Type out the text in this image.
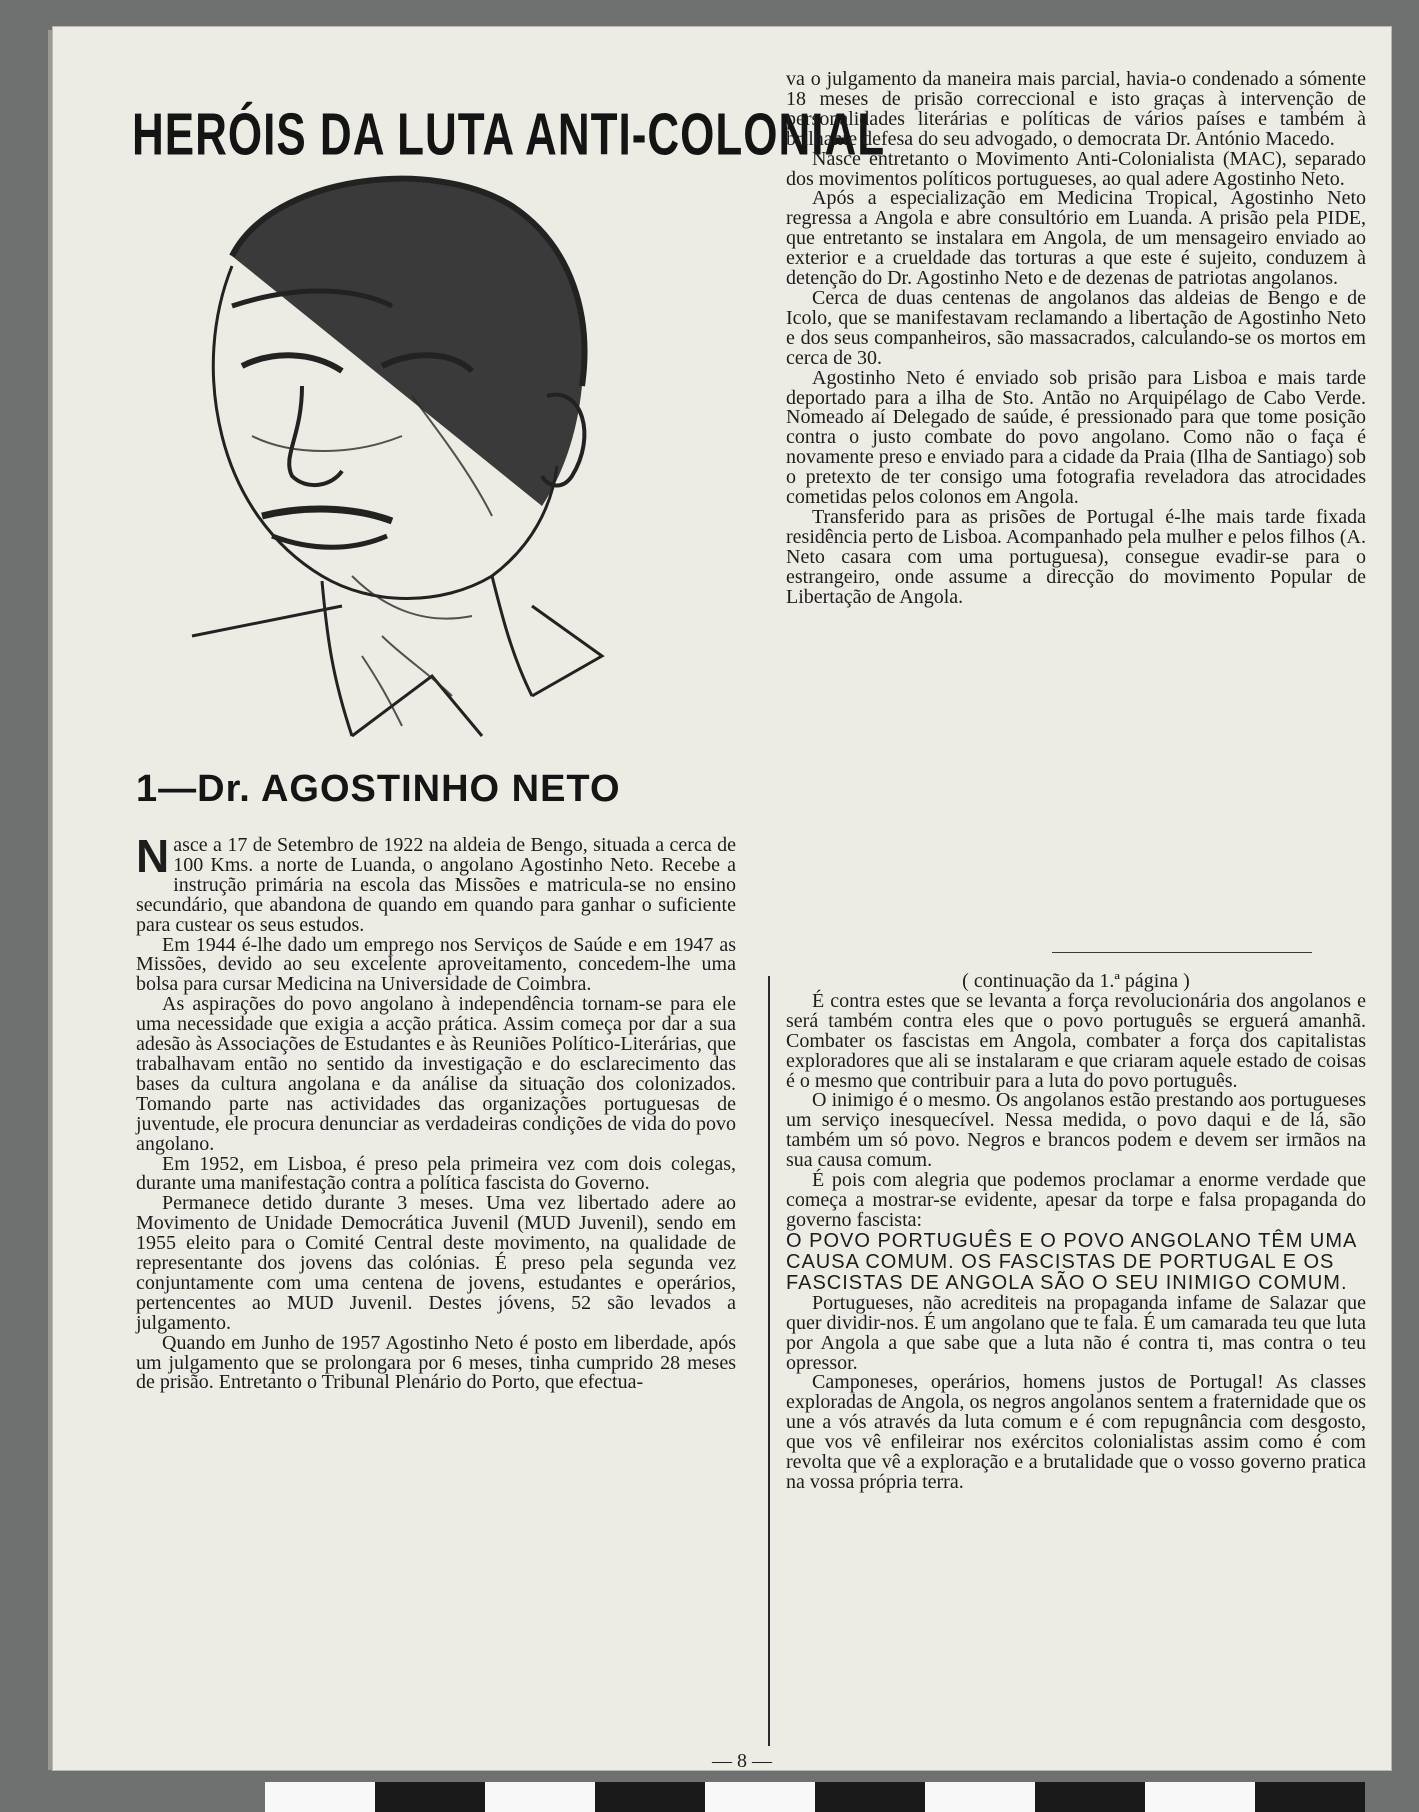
HERÓIS DA LUTA ANTI-COLONIAL
1—Dr. AGOSTINHO NETO

Nasce a 17 de Setembro de 1922 na aldeia de Bengo, situada a cerca de 100 Kms. a norte de Luanda, o angolano Agostinho Neto. Recebe a instrução primária na escola das Missões e matricula-se no ensino secundário, que abandona de quando em quando para ganhar o suficiente para custear os seus estudos.

Em 1944 é-lhe dado um emprego nos Serviços de Saúde e em 1947 as Missões, devido ao seu excelente aproveitamento, concedem-lhe uma bolsa para cursar Medicina na Universidade de Coimbra.

As aspirações do povo angolano à independência tornam-se para ele uma necessidade que exigia a acção prática. Assim começa por dar a sua adesão às Associações de Estudantes e às Reuniões Político-Literárias, que trabalhavam então no sentido da investigação e do esclarecimento das bases da cultura angolana e da análise da situação dos colonizados. Tomando parte nas actividades das organizações portuguesas de juventude, ele procura denunciar as verdadeiras condições de vida do povo angolano.

Em 1952, em Lisboa, é preso pela primeira vez com dois colegas, durante uma manifestação contra a política fascista do Governo.

Permanece detido durante 3 meses. Uma vez libertado adere ao Movimento de Unidade Democrática Juvenil (MUD Juvenil), sendo em 1955 eleito para o Comité Central deste movimento, na qualidade de representante dos jovens das colónias. É preso pela segunda vez conjuntamente com uma centena de jovens, estudantes e operários, pertencentes ao MUD Juvenil. Destes jóvens, 52 são levados a julgamento.

Quando em Junho de 1957 Agostinho Neto é posto em liberdade, após um julgamento que se prolongara por 6 meses, tinha cumprido 28 meses de prisão. Entretanto o Tribunal Plenário do Porto, que efectua-

va o julgamento da maneira mais parcial, havia-o condenado a sómente 18 meses de prisão correccional e isto graças à intervenção de personalidades literárias e políticas de vários países e também à brilhante defesa do seu advogado, o democrata Dr. António Macedo.

Nasce entretanto o Movimento Anti-Colonialista (MAC), separado dos movimentos políticos portugueses, ao qual adere Agostinho Neto.

Após a especialização em Medicina Tropical, Agostinho Neto regressa a Angola e abre consultório em Luanda. A prisão pela PIDE, que entretanto se instalara em Angola, de um mensageiro enviado ao exterior e a crueldade das torturas a que este é sujeito, conduzem à detenção do Dr. Agostinho Neto e de dezenas de patriotas angolanos.

Cerca de duas centenas de angolanos das aldeias de Bengo e de Icolo, que se manifestavam reclamando a libertação de Agostinho Neto e dos seus companheiros, são massacrados, calculando-se os mortos em cerca de 30.

Agostinho Neto é enviado sob prisão para Lisboa e mais tarde deportado para a ilha de Sto. Antão no Arquipélago de Cabo Verde. Nomeado aí Delegado de saúde, é pressionado para que tome posição contra o justo combate do povo angolano. Como não o faça é novamente preso e enviado para a cidade da Praia (Ilha de Santiago) sob o pretexto de ter consigo uma fotografia reveladora das atrocidades cometidas pelos colonos em Angola.

Transferido para as prisões de Portugal é-lhe mais tarde fixada residência perto de Lisboa. Acompanhado pela mulher e pelos filhos (A. Neto casara com uma portuguesa), consegue evadir-se para o estrangeiro, onde assume a direcção do movimento Popular de Libertação de Angola.

( continuação da 1.ª página )

É contra estes que se levanta a força revolucionária dos angolanos e será também contra eles que o povo português se erguerá amanhã. Combater os fascistas em Angola, combater a força dos capitalistas exploradores que ali se instalaram e que criaram aquele estado de coisas é o mesmo que contribuir para a luta do povo português.

O inimigo é o mesmo. Os angolanos estão prestando aos portugueses um serviço inesquecível. Nessa medida, o povo daqui e de lá, são também um só povo. Negros e brancos podem e devem ser irmãos na sua causa comum.

É pois com alegria que podemos proclamar a enorme verdade que começa a mostrar-se evidente, apesar da torpe e falsa propaganda do governo fascista:

O POVO PORTUGUÊS E O POVO ANGOLANO TÊM UMA CAUSA COMUM. OS FASCISTAS DE PORTUGAL E OS FASCISTAS DE ANGOLA SÃO O SEU INIMIGO COMUM.

Portugueses, não acrediteis na propaganda infame de Salazar que quer dividir-nos. É um angolano que te fala. É um camarada teu que luta por Angola a que sabe que a luta não é contra ti, mas contra o teu opressor.

Camponeses, operários, homens justos de Portugal! As classes exploradas de Angola, os negros angolanos sentem a fraternidade que os une a vós através da luta comum e é com repugnância com desgosto, que vos vê enfileirar nos exércitos colonialistas assim como é com revolta que vê a exploração e a brutalidade que o vosso governo pratica na vossa própria terra.

— 8 —
